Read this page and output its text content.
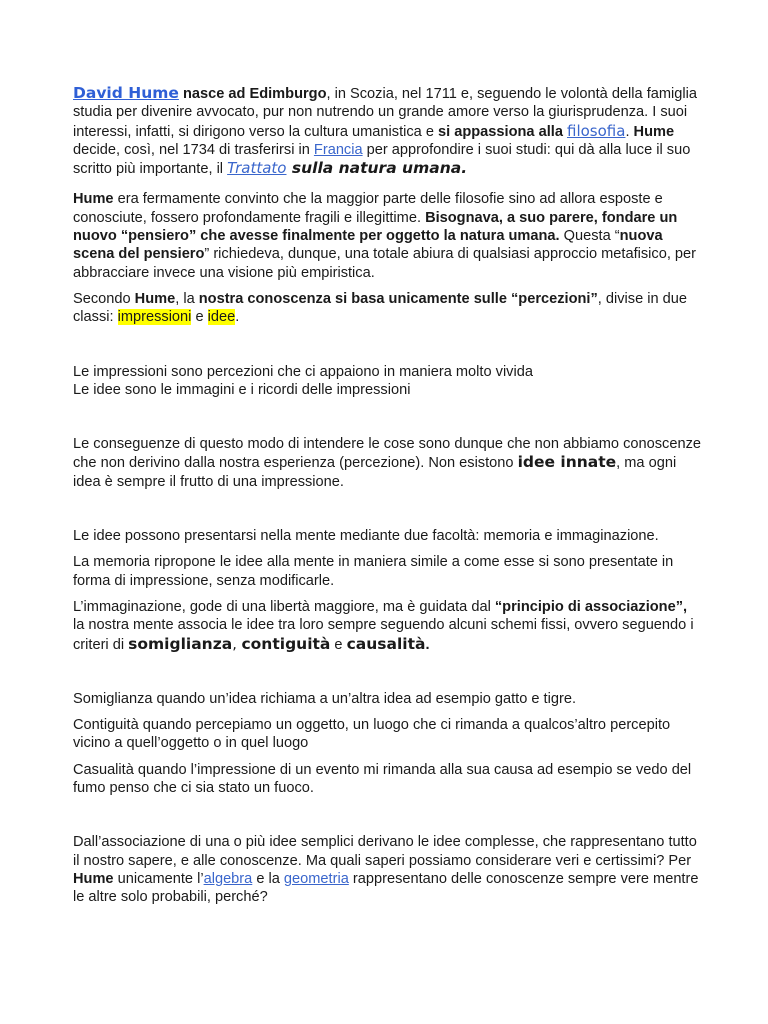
David Hume nasce ad Edimburgo, in Scozia, nel 1711 e, seguendo le volontà della famiglia studia per divenire avvocato, pur non nutrendo un grande amore verso la giurisprudenza. I suoi interessi, infatti, si dirigono verso la cultura umanistica e si appassiona alla filosofia. Hume decide, così, nel 1734 di trasferirsi in Francia per approfondire i suoi studi: qui dà alla luce il suo scritto più importante, il Trattato sulla natura umana.

Hume era fermamente convinto che la maggior parte delle filosofie sino ad allora esposte e conosciute, fossero profondamente fragili e illegittime. Bisognava, a suo parere, fondare un nuovo “pensiero” che avesse finalmente per oggetto la natura umana. Questa “nuova scena del pensiero” richiedeva, dunque, una totale abiura di qualsiasi approccio metafisico, per abbracciare invece una visione più empiristica.

Secondo Hume, la nostra conoscenza si basa unicamente sulle “percezioni”, divise in due classi: impressioni e idee.

Le impressioni sono percezioni che ci appaiono in maniera molto vivida
Le idee sono le immagini e i ricordi delle impressioni

Le conseguenze di questo modo di intendere le cose sono dunque che non abbiamo conoscenze che non derivino dalla nostra esperienza (percezione). Non esistono idee innate, ma ogni idea è sempre il frutto di una impressione.

Le idee possono presentarsi nella mente mediante due facoltà: memoria e immaginazione.

La memoria ripropone le idee alla mente in maniera simile a come esse si sono presentate in forma di impressione, senza modificarle.

L’immaginazione, gode di una libertà maggiore, ma è guidata dal “principio di associazione”, la nostra mente associa le idee tra loro sempre seguendo alcuni schemi fissi, ovvero seguendo i criteri di somiglianza, contiguità e causalità.

Somiglianza quando un’idea richiama a un’altra idea ad esempio gatto e tigre.

Contiguità quando percepiamo un oggetto, un luogo che ci rimanda a qualcos’altro percepito vicino a quell’oggetto o in quel luogo

Casualità quando l’impressione di un evento mi rimanda alla sua causa ad esempio se vedo del fumo penso che ci sia stato un fuoco.

Dall’associazione di una o più idee semplici derivano le idee complesse, che rappresentano tutto il nostro sapere, e alle conoscenze. Ma quali saperi possiamo considerare veri e certissimi? Per Hume unicamente l’algebra e la geometria rappresentano delle conoscenze sempre vere mentre le altre solo probabili, perché?
